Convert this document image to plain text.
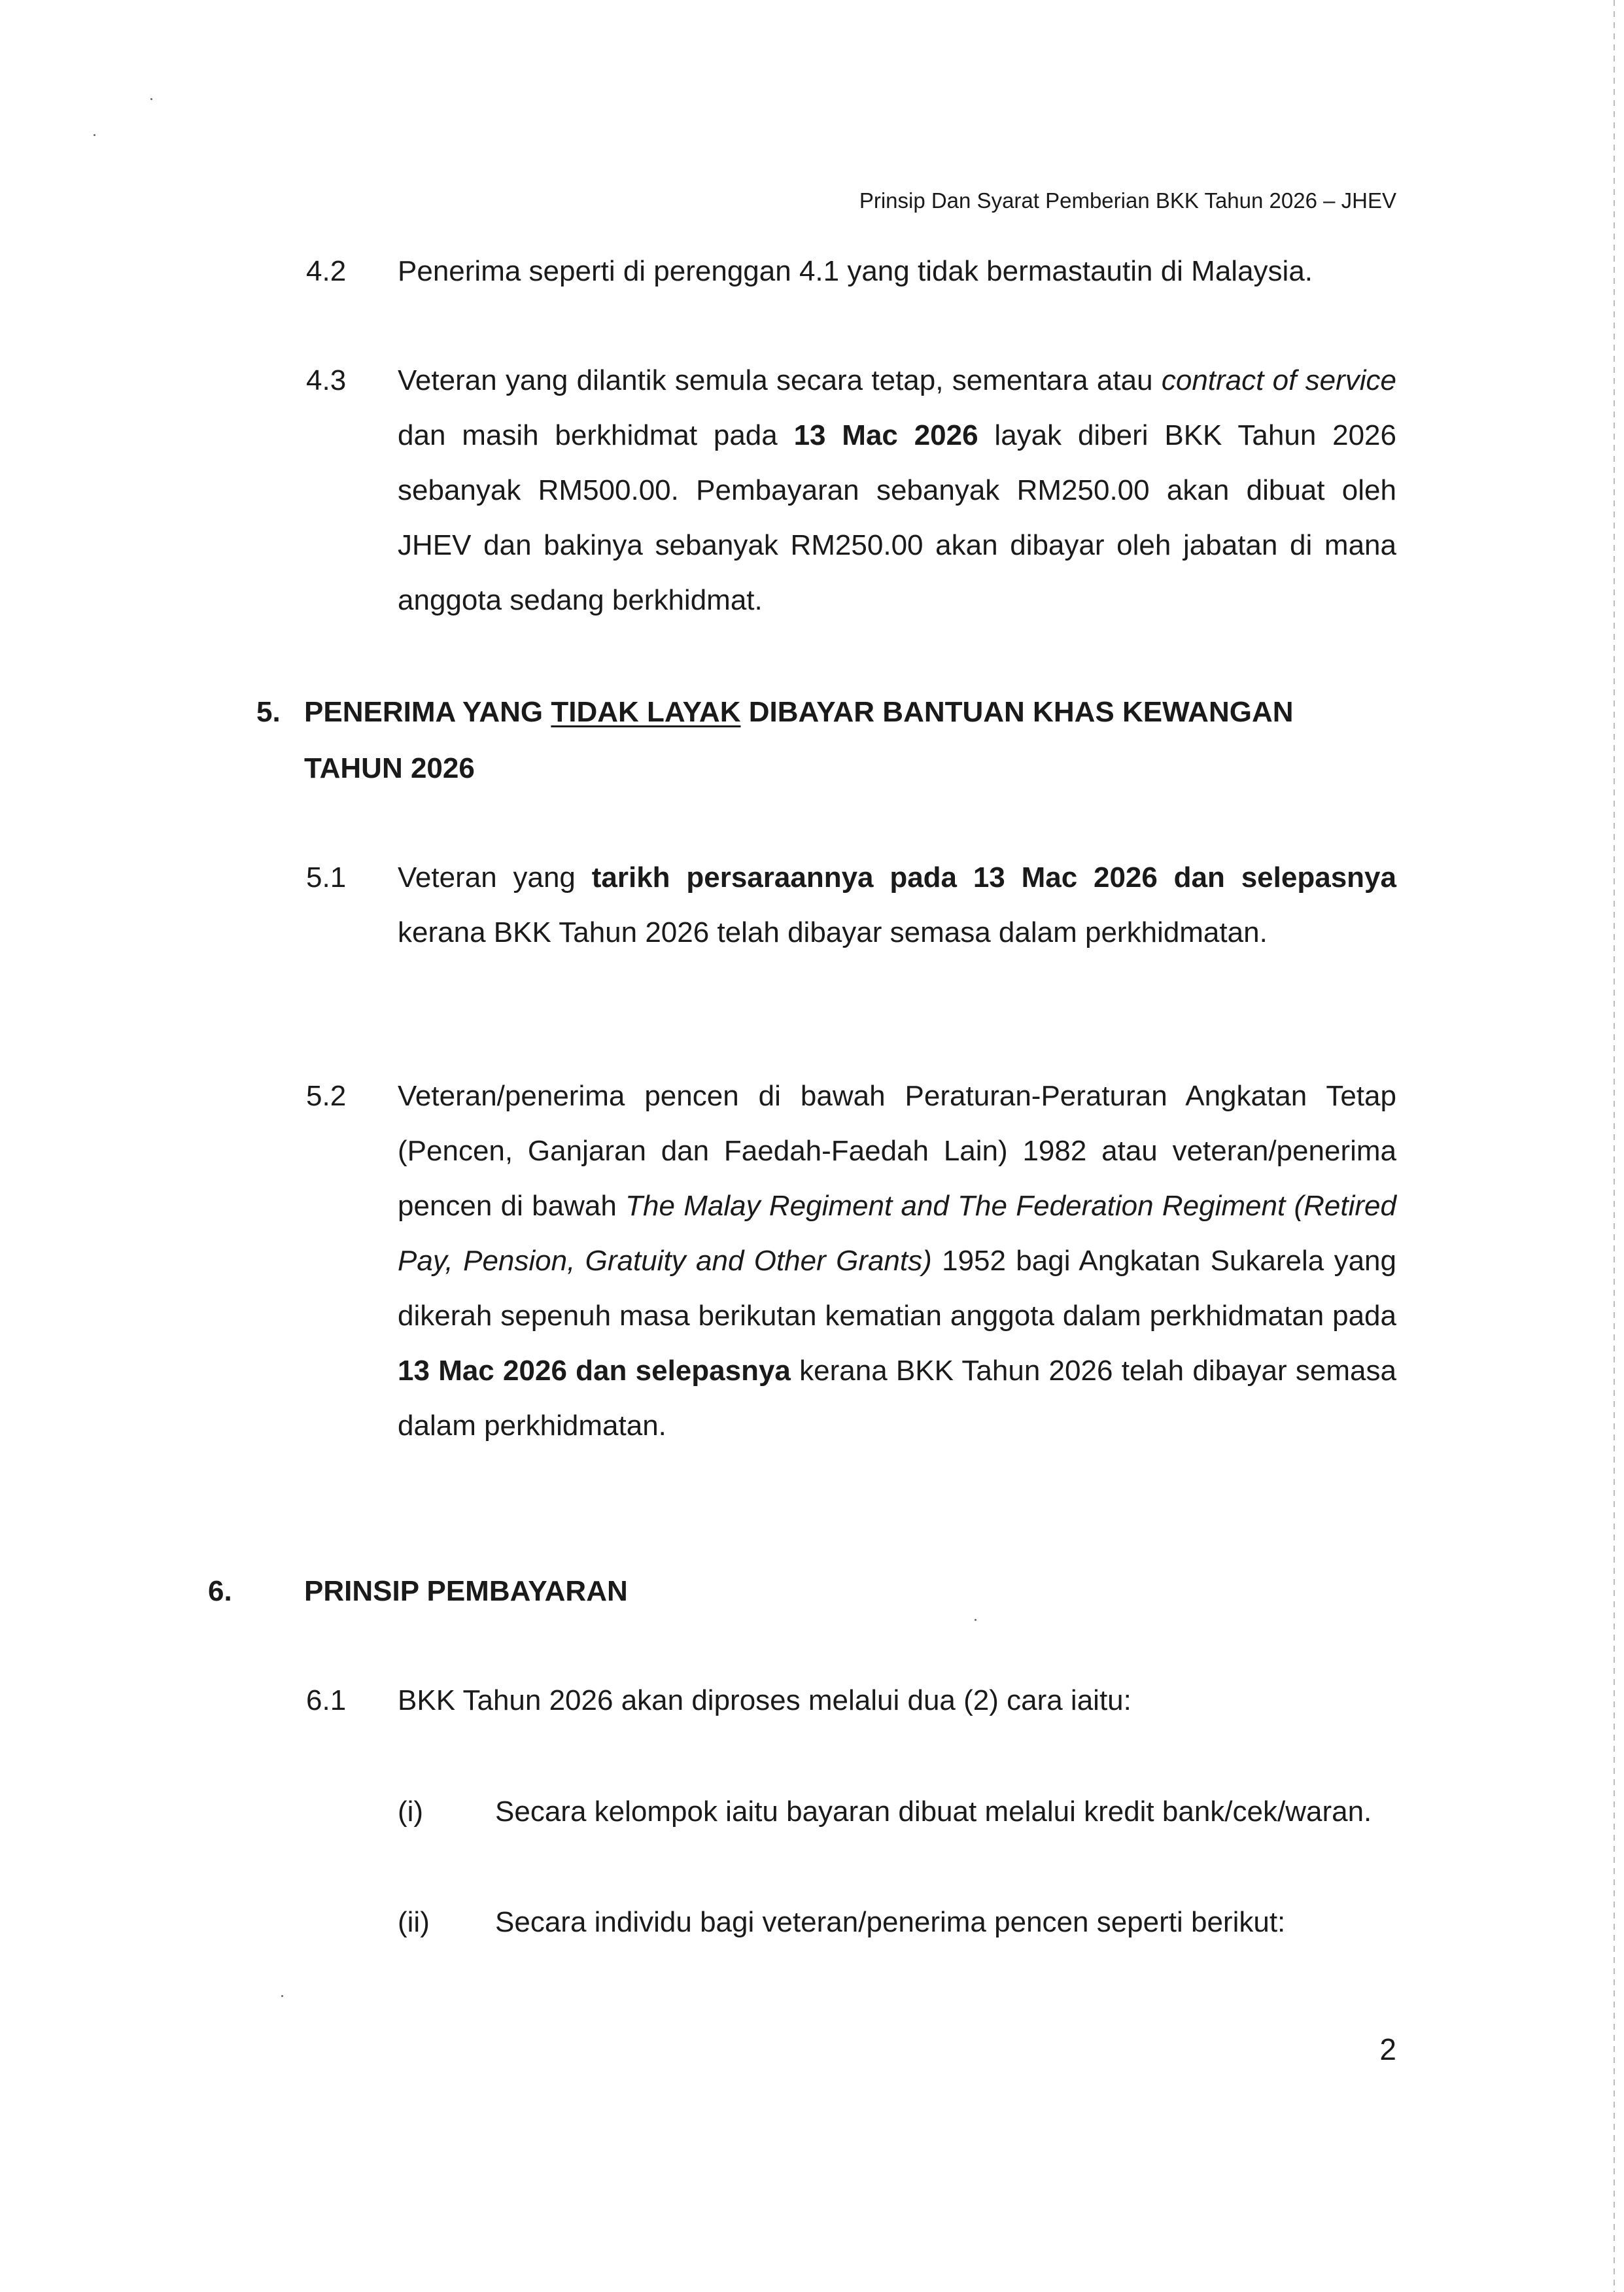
Prinsip Dan Syarat Pemberian BKK Tahun 2026 – JHEV
4.2 Penerima seperti di perenggan 4.1 yang tidak bermastautin di Malaysia.
4.3 Veteran yang dilantik semula secara tetap, sementara atau contract of service dan masih berkhidmat pada 13 Mac 2026 layak diberi BKK Tahun 2026 sebanyak RM500.00. Pembayaran sebanyak RM250.00 akan dibuat oleh JHEV dan bakinya sebanyak RM250.00 akan dibayar oleh jabatan di mana anggota sedang berkhidmat.
5. PENERIMA YANG TIDAK LAYAK DIBAYAR BANTUAN KHAS KEWANGAN
TAHUN 2026
5.1 Veteran yang tarikh persaraannya pada 13 Mac 2026 dan selepasnya kerana BKK Tahun 2026 telah dibayar semasa dalam perkhidmatan.
5.2 Veteran/penerima pencen di bawah Peraturan-Peraturan Angkatan Tetap (Pencen, Ganjaran dan Faedah-Faedah Lain) 1982 atau veteran/penerima pencen di bawah The Malay Regiment and The Federation Regiment (Retired Pay, Pension, Gratuity and Other Grants) 1952 bagi Angkatan Sukarela yang dikerah sepenuh masa berikutan kematian anggota dalam perkhidmatan pada 13 Mac 2026 dan selepasnya kerana BKK Tahun 2026 telah dibayar semasa dalam perkhidmatan.
6.	PRINSIP PEMBAYARAN
6.1 BKK Tahun 2026 akan diproses melalui dua (2) cara iaitu:
(i) Secara kelompok iaitu bayaran dibuat melalui kredit bank/cek/waran.
(ii) Secara individu bagi veteran/penerima pencen seperti berikut:
2
